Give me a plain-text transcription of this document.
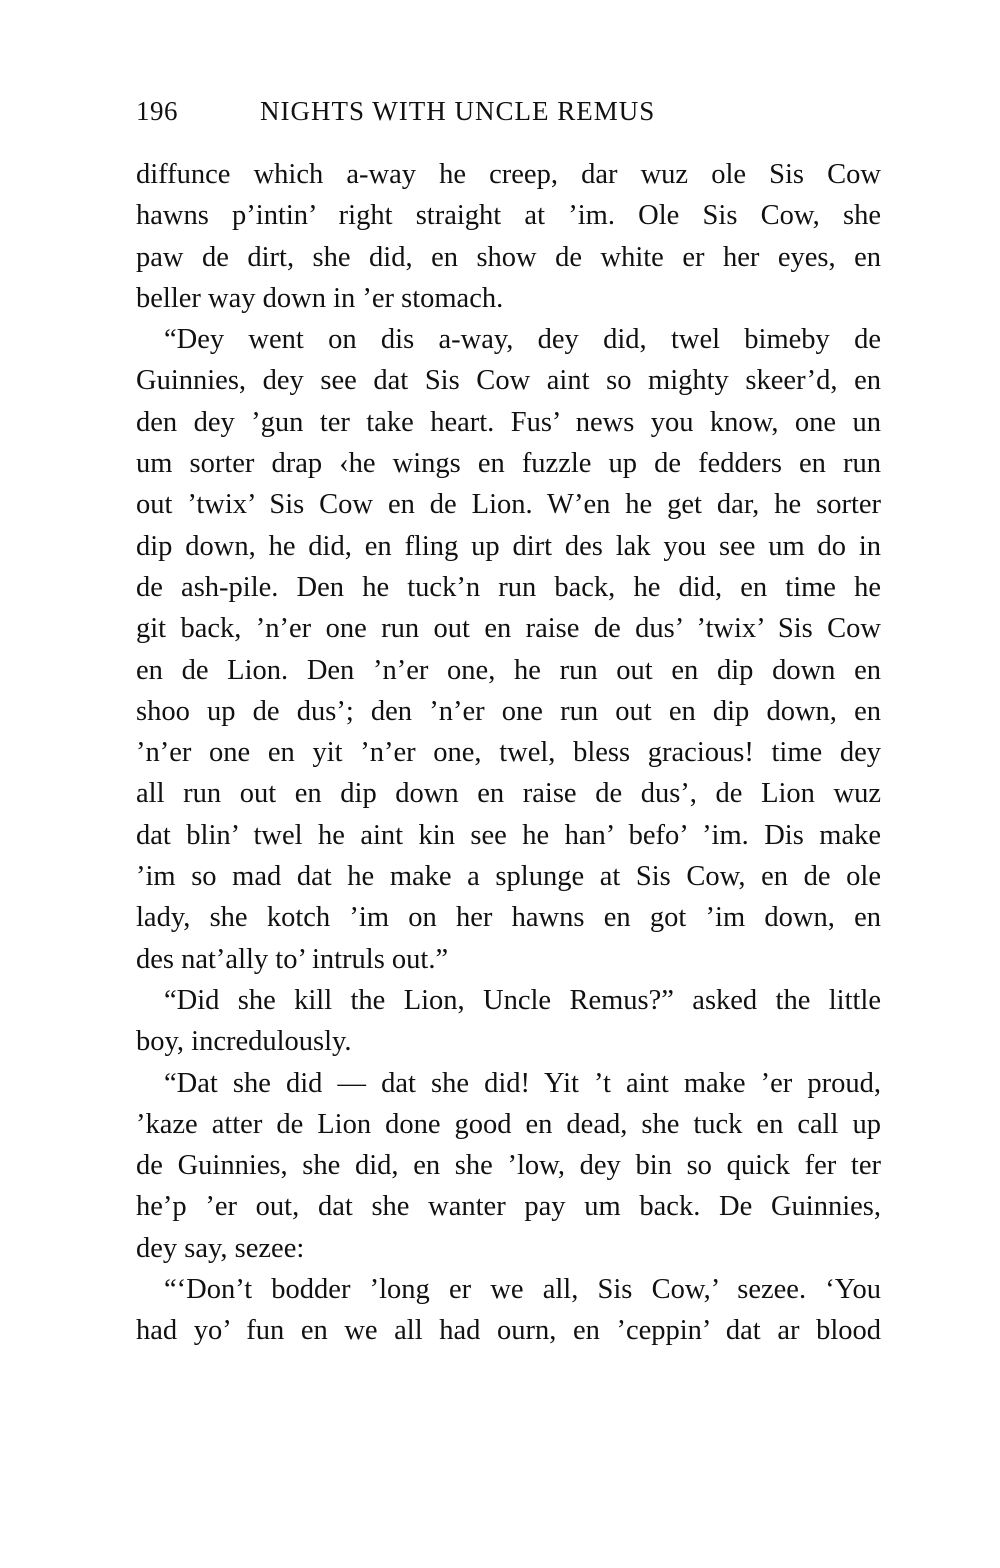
196	NIGHTS WITH UNCLE REMUS
diffunce which a-way he creep, dar wuz ole Sis Cow
hawns p’intin’ right straight at ’im. Ole Sis Cow, she
paw de dirt, she did, en show de white er her eyes, en
beller way down in ’er stomach.
“Dey went on dis a-way, dey did, twel bimeby de
Guinnies, dey see dat Sis Cow aint so mighty skeer’d, en
den dey ’gun ter take heart. Fus’ news you know, one un
um sorter drap ‹he wings en fuzzle up de fedders en run
out ’twix’ Sis Cow en de Lion. W’en he get dar, he sorter
dip down, he did, en fling up dirt des lak you see um do in
de ash-pile. Den he tuck’n run back, he did, en time he
git back, ’n’er one run out en raise de dus’ ’twix’ Sis Cow
en de Lion. Den ’n’er one, he run out en dip down en
shoo up de dus’; den ’n’er one run out en dip down, en
’n’er one en yit ’n’er one, twel, bless gracious! time dey
all run out en dip down en raise de dus’, de Lion wuz
dat blin’ twel he aint kin see he han’ befo’ ’im. Dis make
’im so mad dat he make a splunge at Sis Cow, en de ole
lady, she kotch ’im on her hawns en got ’im down, en
des nat’ally to’ intruls out.”
“Did she kill the Lion, Uncle Remus?” asked the little
boy, incredulously.
“Dat she did — dat she did! Yit ’t aint make ’er proud,
’kaze atter de Lion done good en dead, she tuck en call up
de Guinnies, she did, en she ’low, dey bin so quick fer ter
he’p ’er out, dat she wanter pay um back. De Guinnies,
dey say, sezee:
“‘Don’t bodder ’long er we all, Sis Cow,’ sezee. ‘You
had yo’ fun en we all had ourn, en ’ceppin’ dat ar blood
